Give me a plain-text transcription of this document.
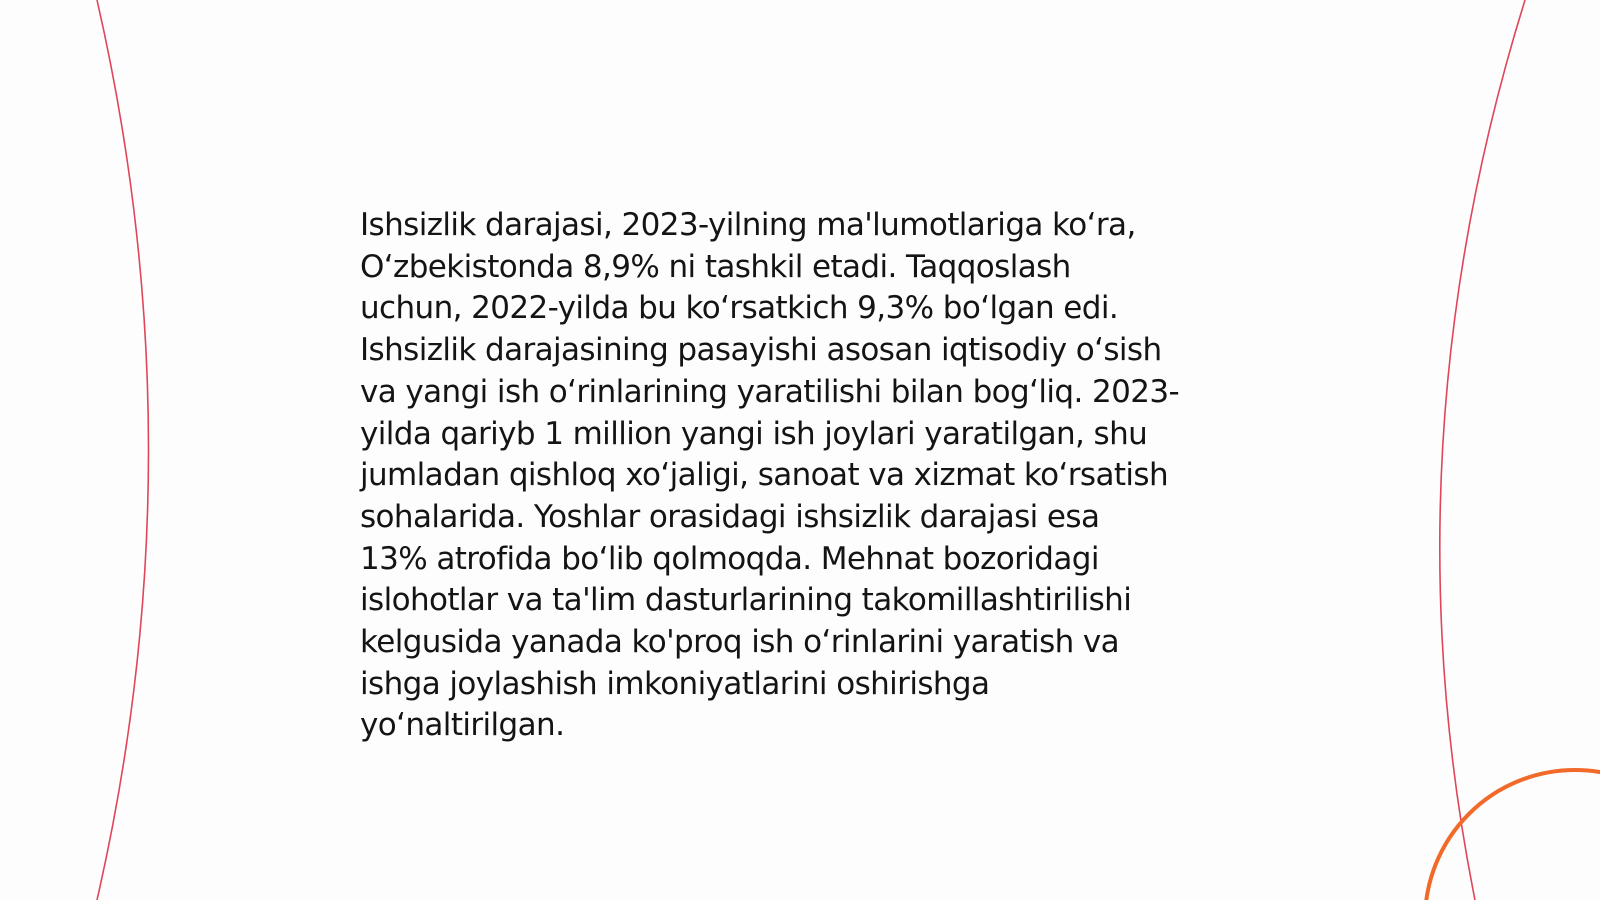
Ishsizlik darajasi, 2023-yilning ma'lumotlariga koʻra,
Oʻzbekistonda 8,9% ni tashkil etadi. Taqqoslash
uchun, 2022-yilda bu koʻrsatkich 9,3% boʻlgan edi.
Ishsizlik darajasining pasayishi asosan iqtisodiy oʻsish
va yangi ish oʻrinlarining yaratilishi bilan bogʻliq. 2023-
yilda qariyb 1 million yangi ish joylari yaratilgan, shu
jumladan qishloq xoʻjaligi, sanoat va xizmat koʻrsatish
sohalarida. Yoshlar orasidagi ishsizlik darajasi esa
13% atrofida boʻlib qolmoqda. Mehnat bozoridagi
islohotlar va ta'lim dasturlarining takomillashtirilishi
kelgusida yanada ko'proq ish oʻrinlarini yaratish va
ishga joylashish imkoniyatlarini oshirishga
yoʻnaltirilgan.
